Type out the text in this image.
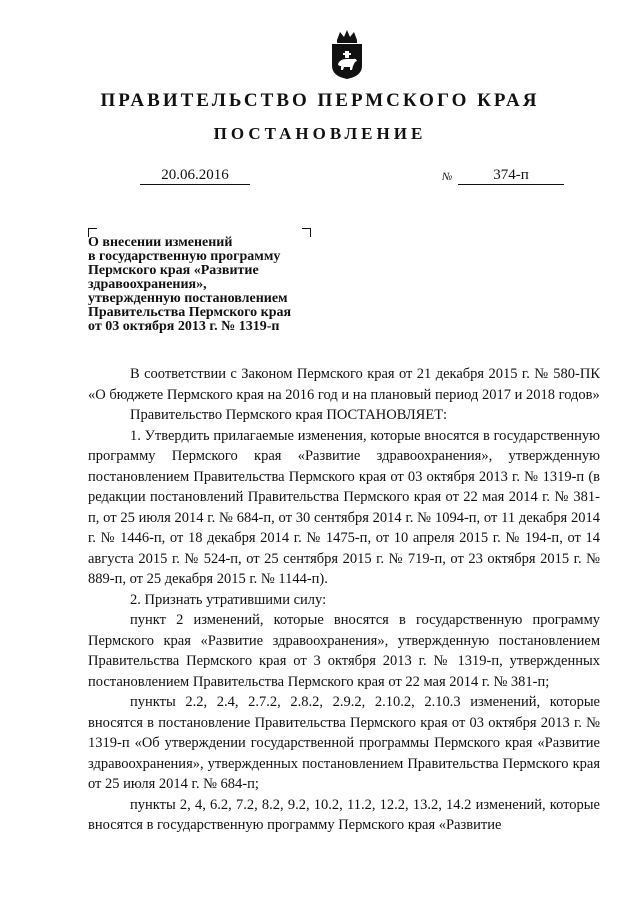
ПРАВИТЕЛЬСТВО ПЕРМСКОГО КРАЯ
ПОСТАНОВЛЕНИЕ
20.06.2016	№	374-п
О внесении изменений
в государственную программу
Пермского края «Развитие
здравоохранения»,
утвержденную постановлением
Правительства Пермского края
от 03 октября 2013 г. № 1319-п

В соответствии с Законом Пермского края от 21 декабря 2015 г. № 580-ПК «О бюджете Пермского края на 2016 год и на плановый период 2017 и 2018 годов»

Правительство Пермского края ПОСТАНОВЛЯЕТ:

1. Утвердить прилагаемые изменения, которые вносятся в государственную программу Пермского края «Развитие здравоохранения», утвержденную постановлением Правительства Пермского края от 03 октября 2013 г. № 1319-п (в редакции постановлений Правительства Пермского края от 22 мая 2014 г. № 381-п, от 25 июля 2014 г. № 684-п, от 30 сентября 2014 г. № 1094-п, от 11 декабря 2014 г. № 1446-п, от 18 декабря 2014 г. № 1475-п, от 10 апреля 2015 г. № 194-п, от 14 августа 2015 г. № 524-п, от 25 сентября 2015 г. № 719-п, от 23 октября 2015 г. № 889-п, от 25 декабря 2015 г. № 1144-п).

2. Признать утратившими силу:

пункт 2 изменений, которые вносятся в государственную программу Пермского края «Развитие здравоохранения», утвержденную постановлением Правительства Пермского края от 3 октября 2013 г. № 1319-п, утвержденных постановлением Правительства Пермского края от 22 мая 2014 г. № 381-п;

пункты 2.2, 2.4, 2.7.2, 2.8.2, 2.9.2, 2.10.2, 2.10.3 изменений, которые вносятся в постановление Правительства Пермского края от 03 октября 2013 г. № 1319-п «Об утверждении государственной программы Пермского края «Развитие здравоохранения», утвержденных постановлением Правительства Пермского края от 25 июля 2014 г. № 684-п;

пункты 2, 4, 6.2, 7.2, 8.2, 9.2, 10.2, 11.2, 12.2, 13.2, 14.2 изменений, которые вносятся в государственную программу Пермского края «Развитие
